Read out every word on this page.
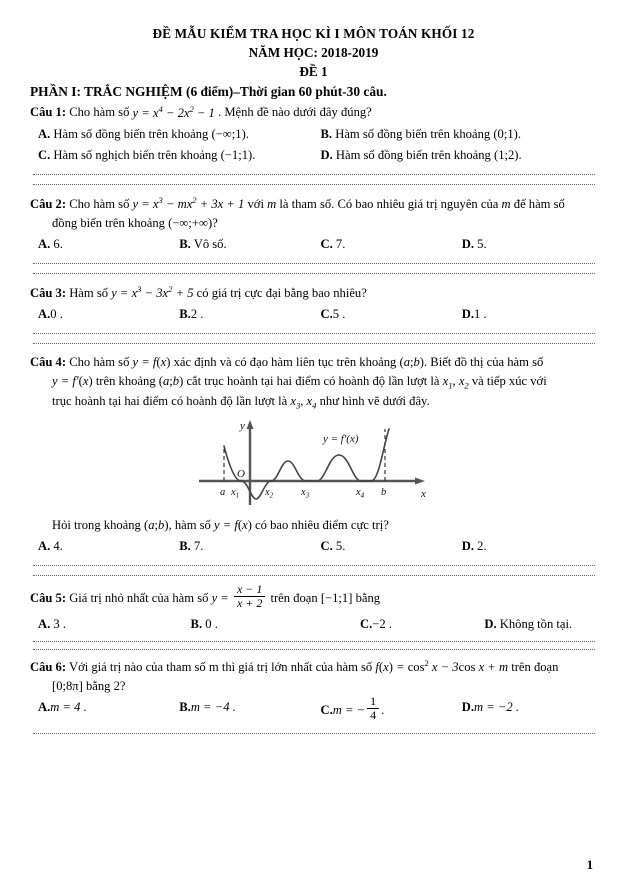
ĐỀ MẪU KIỂM TRA HỌC KÌ I MÔN TOÁN KHỐI 12
NĂM HỌC: 2018-2019
ĐỀ 1
PHẦN I: TRẮC NGHIỆM (6 điểm)–Thời gian 60 phút-30 câu.
Câu 1: Cho hàm số $y = x^4 - 2x^2 - 1$ . Mệnh đề nào dưới đây đúng?
A. Hàm số đồng biến trên khoảng (−∞;1).	B. Hàm số đồng biến trên khoảng (0;1).
C. Hàm số nghịch biến trên khoảng (−1;1).	D. Hàm số đồng biến trên khoảng (1;2).
Câu 2: Cho hàm số $y = x^3 - mx^2 + 3x + 1$ với m là tham số. Có bao nhiêu giá trị nguyên của m để hàm số
đồng biến trên khoảng (−∞;+∞)?
A. 6.	B. Vô số.	C. 7.	D. 5.
Câu 3: Hàm số $y = x^3 - 3x^2 + 5$ có giá trị cực đại bằng bao nhiêu?
A.0 .	B.2 .	C.5 .	D.1 .
Câu 4: Cho hàm số y = f(x) xác định và có đạo hàm liên tục trên khoảng (a;b). Biết đồ thị của hàm số
y = f′(x) trên khoảng (a;b) cắt trục hoành tại hai điểm có hoành độ lần lượt là $x_1$, $x_2$ và tiếp xúc với
trục hoành tại hai điểm có hoành độ lần lượt là $x_3$, $x_4$ như hình vẽ dưới đây.
y
x
O
y = f′(x)
a $x_1$ $x_2$	$x_3$	$x_4$ b
Hỏi trong khoảng (a;b), hàm số y = f(x) có bao nhiêu điểm cực trị?
A. 4.	B. 7.	C. 5.	D. 2.
Câu 5: Giá trị nhỏ nhất của hàm số $y = \frac{x - 1}{x + 2}$ trên đoạn [−1;1] bằng
A. 3 .	B. 0 .	C.−2 .	D. Không tồn tại.
Câu 6: Với giá trị nào của tham số m thì giá trị lớn nhất của hàm số $f(x) = \cos^2 x - 3\cos$ x + m trên đoạn
[0;8π] bằng 2?
A.m = 4 .	B.m = −4 .	C.m = − $\frac{1}{4}$ .	D.m = −2 .
1
